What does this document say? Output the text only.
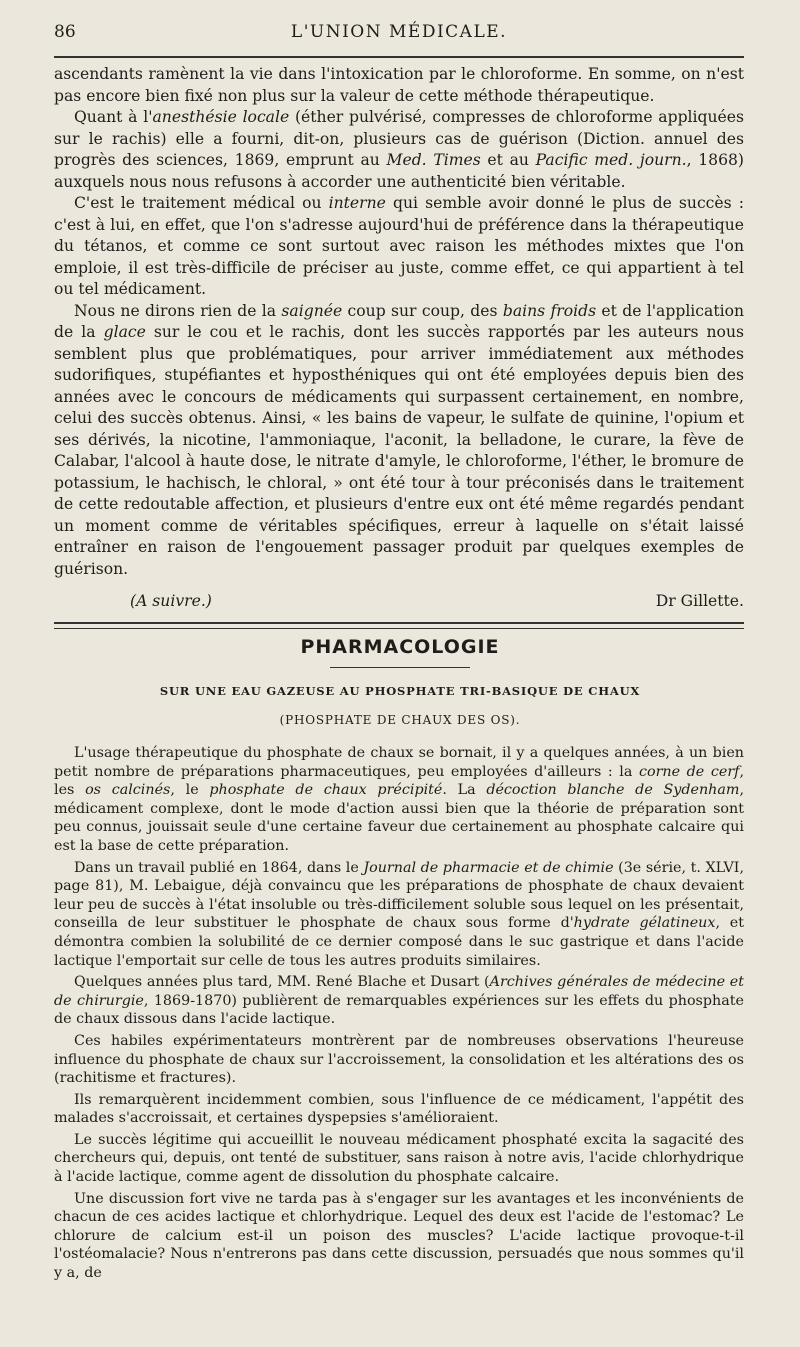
86	L'UNION MÉDICALE.

ascendants ramènent la vie dans l'intoxication par le chloroforme. En somme, on n'est pas encore bien fixé non plus sur la valeur de cette méthode thérapeutique.

Quant à l'anesthésie locale (éther pulvérisé, compresses de chloroforme appliquées sur le rachis) elle a fourni, dit-on, plusieurs cas de guérison (Diction. annuel des progrès des sciences, 1869, emprunt au Med. Times et au Pacific med. journ., 1868) auxquels nous nous refusons à accorder une authenticité bien véritable.

C'est le traitement médical ou interne qui semble avoir donné le plus de succès : c'est à lui, en effet, que l'on s'adresse aujourd'hui de préférence dans la thérapeutique du tétanos, et comme ce sont surtout avec raison les méthodes mixtes que l'on emploie, il est très-difficile de préciser au juste, comme effet, ce qui appartient à tel ou tel médicament.

Nous ne dirons rien de la saignée coup sur coup, des bains froids et de l'application de la glace sur le cou et le rachis, dont les succès rapportés par les auteurs nous semblent plus que problématiques, pour arriver immédiatement aux méthodes sudorifiques, stupéfiantes et hyposthéniques qui ont été employées depuis bien des années avec le concours de médicaments qui surpassent certainement, en nombre, celui des succès obtenus. Ainsi, « les bains de vapeur, le sulfate de quinine, l'opium et ses dérivés, la nicotine, l'ammoniaque, l'aconit, la belladone, le curare, la fève de Calabar, l'alcool à haute dose, le nitrate d'amyle, le chloroforme, l'éther, le bromure de potassium, le hachisch, le chloral, » ont été tour à tour préconisés dans le traitement de cette redoutable affection, et plusieurs d'entre eux ont été même regardés pendant un moment comme de véritables spécifiques, erreur à laquelle on s'était laissé entraîner en raison de l'engouement passager produit par quelques exemples de guérison.

(A suivre.)	Dr Gillette.
PHARMACOLOGIE
SUR UNE EAU GAZEUSE AU PHOSPHATE TRI-BASIQUE DE CHAUX
(PHOSPHATE DE CHAUX DES OS).

L'usage thérapeutique du phosphate de chaux se bornait, il y a quelques années, à un bien petit nombre de préparations pharmaceutiques, peu employées d'ailleurs : la corne de cerf, les os calcinés, le phosphate de chaux précipité. La décoction blanche de Sydenham, médicament complexe, dont le mode d'action aussi bien que la théorie de préparation sont peu connus, jouissait seule d'une certaine faveur due certainement au phosphate calcaire qui est la base de cette préparation.

Dans un travail publié en 1864, dans le Journal de pharmacie et de chimie (3e série, t. XLVI, page 81), M. Lebaigue, déjà convaincu que les préparations de phosphate de chaux devaient leur peu de succès à l'état insoluble ou très-difficilement soluble sous lequel on les présentait, conseilla de leur substituer le phosphate de chaux sous forme d'hydrate gélatineux, et démontra combien la solubilité de ce dernier composé dans le suc gastrique et dans l'acide lactique l'emportait sur celle de tous les autres produits similaires.

Quelques années plus tard, MM. René Blache et Dusart (Archives générales de médecine et de chirurgie, 1869-1870) publièrent de remarquables expériences sur les effets du phosphate de chaux dissous dans l'acide lactique.

Ces habiles expérimentateurs montrèrent par de nombreuses observations l'heureuse influence du phosphate de chaux sur l'accroissement, la consolidation et les altérations des os (rachitisme et fractures).

Ils remarquèrent incidemment combien, sous l'influence de ce médicament, l'appétit des malades s'accroissait, et certaines dyspepsies s'amélioraient.

Le succès légitime qui accueillit le nouveau médicament phosphaté excita la sagacité des chercheurs qui, depuis, ont tenté de substituer, sans raison à notre avis, l'acide chlorhydrique à l'acide lactique, comme agent de dissolution du phosphate calcaire.

Une discussion fort vive ne tarda pas à s'engager sur les avantages et les inconvénients de chacun de ces acides lactique et chlorhydrique. Lequel des deux est l'acide de l'estomac? Le chlorure de calcium est-il un poison des muscles? L'acide lactique provoque-t-il l'ostéomalacie? Nous n'entrerons pas dans cette discussion, persuadés que nous sommes qu'il y a, de
